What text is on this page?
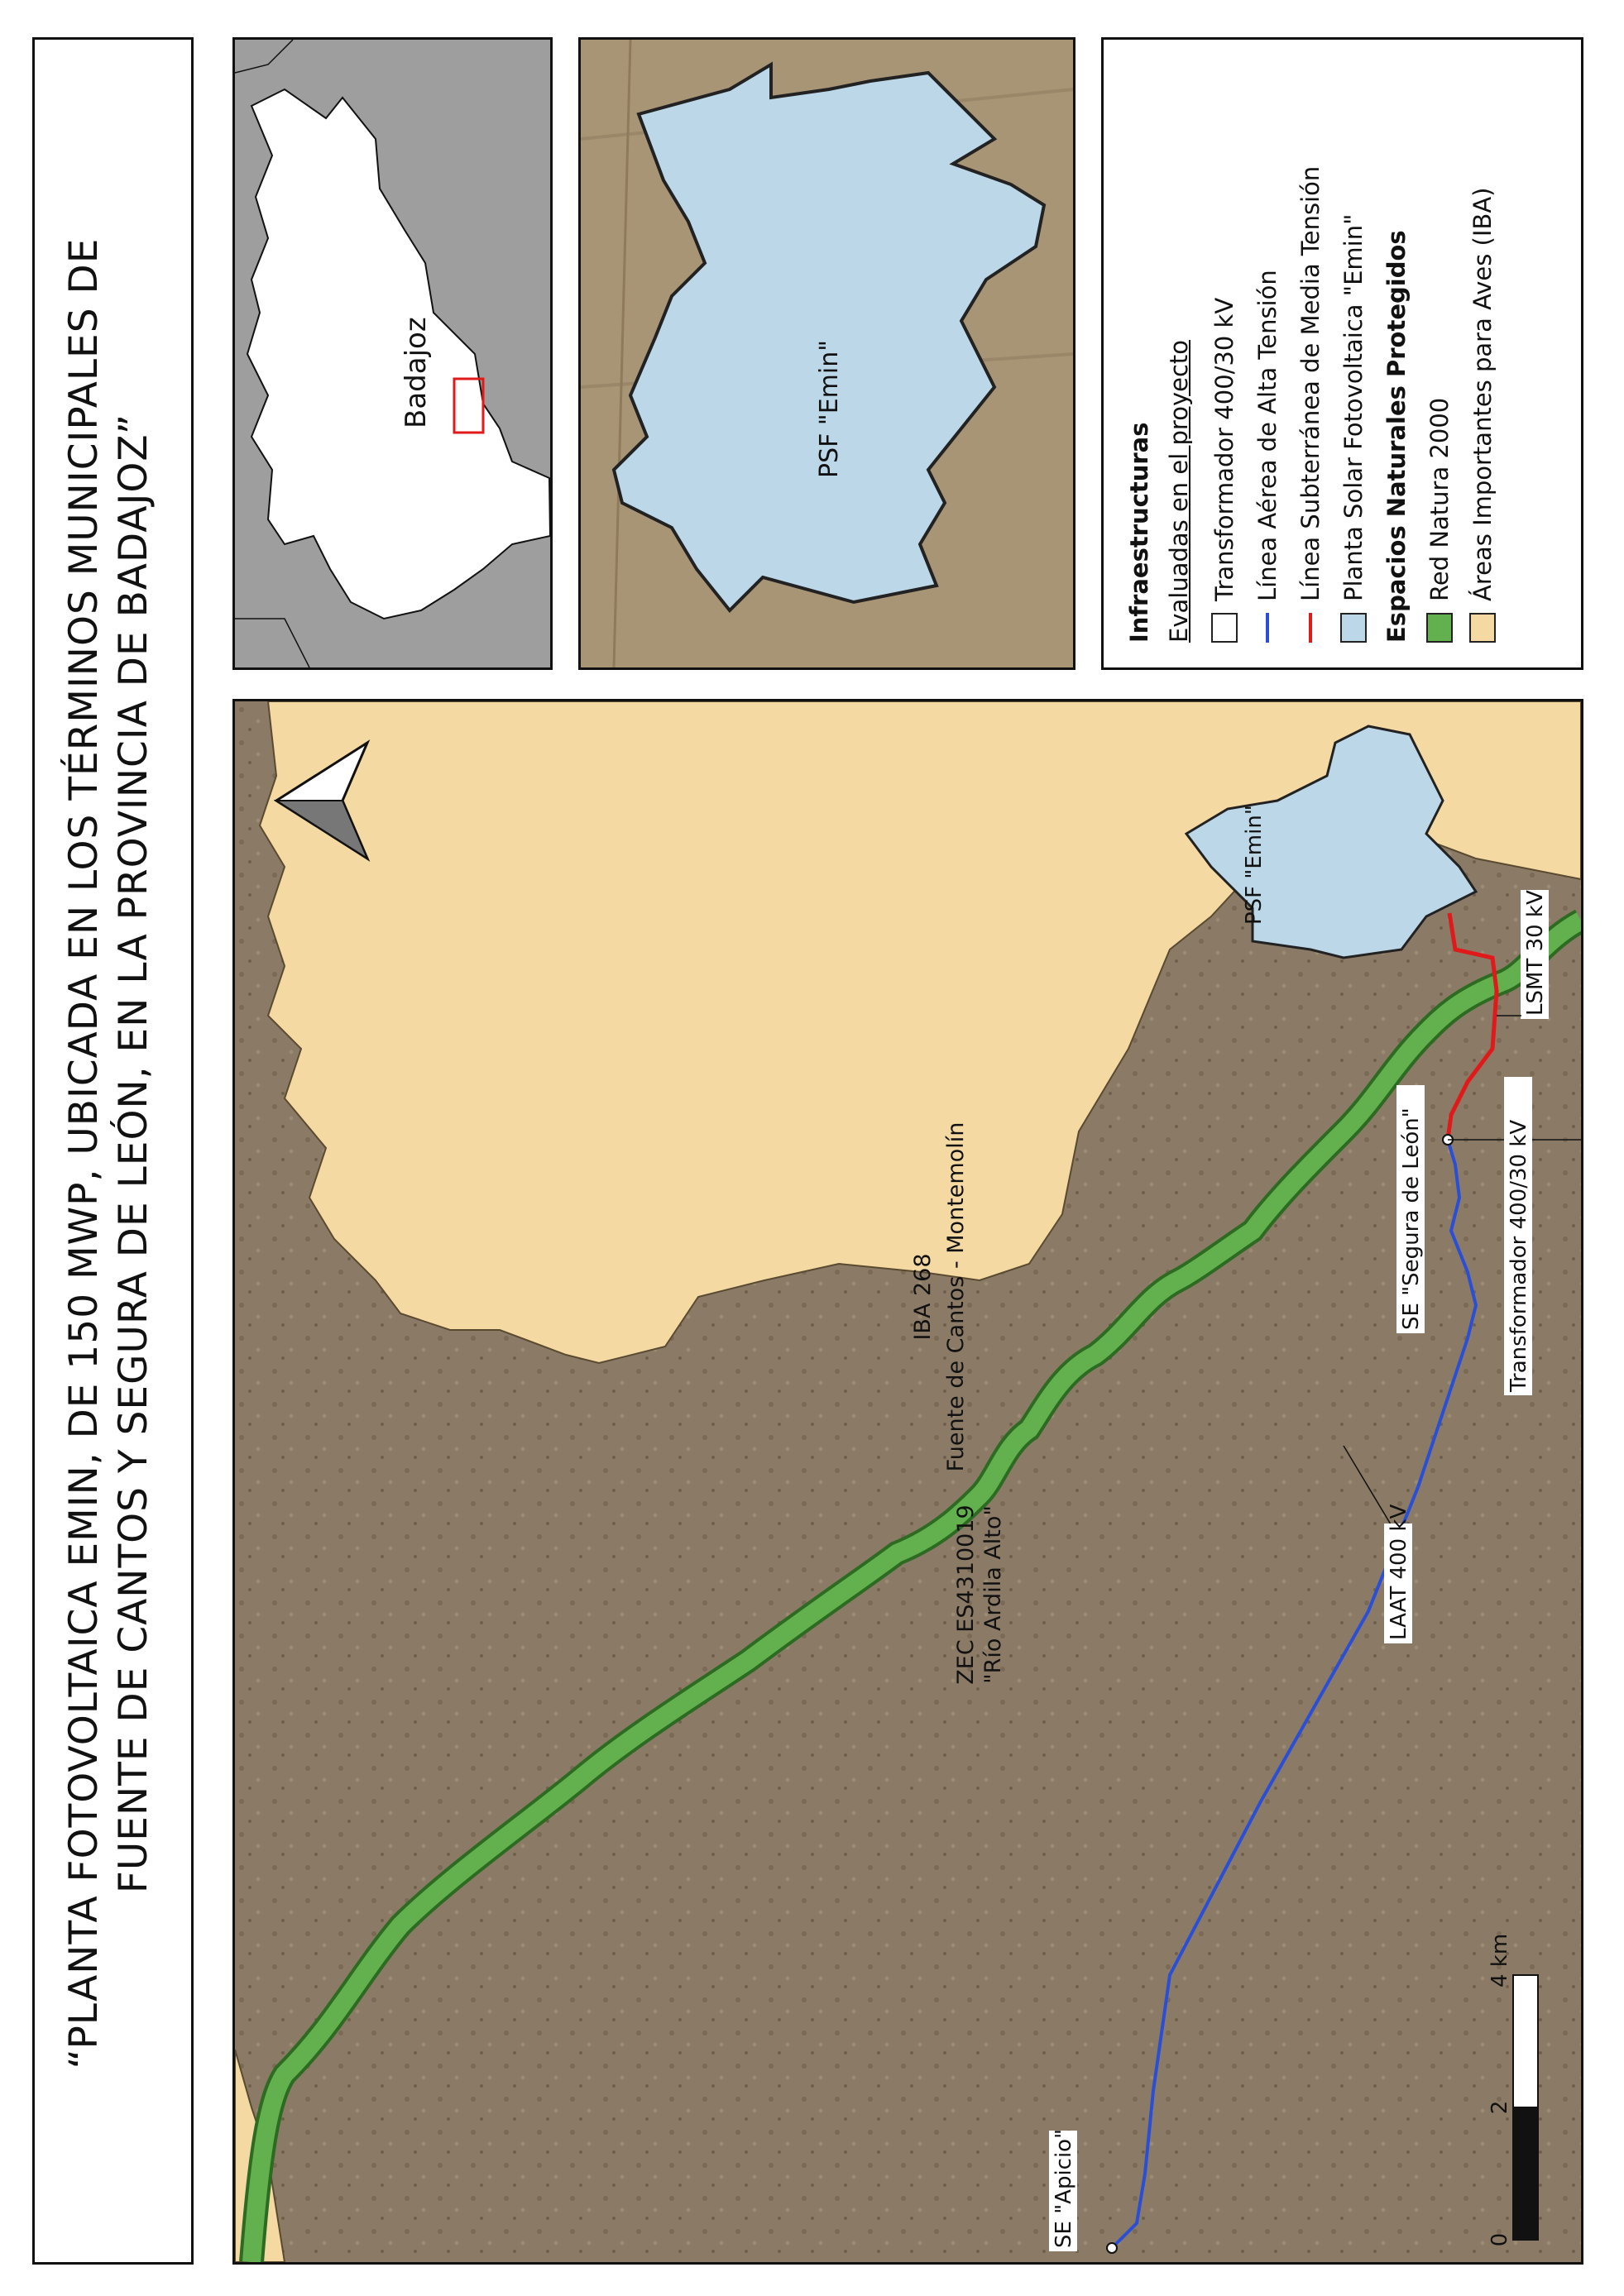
“PLANTA FOTOVOLTAICA EMIN, DE 150 MWP, UBICADA EN LOS TÉRMINOS MUNICIPALES DE FUENTE DE CANTOS Y SEGURA DE LEÓN, EN LA PROVINCIA DE BADAJOZ”
Badajoz	PSF "Emin"
Infraestructuras Evaluadas en el proyecto Transformador 400/30 kV Línea Aérea de Alta Tensión Línea Subterránea de Media Tensión Planta Solar Fotovoltaica "Emin" Espacios Naturales Protegidos Red Natura 2000 Áreas Importantes para Aves (IBA)
PSF "Emin"
IBA 268 Fuente de Cantos - Montemolín
ZEC ES4310019 "Río Ardila Alto"
LSMT 30 kV
SE "Segura de León"	Transformador 400/30 kV
LAAT 400 kV
SE "Apicio"	0
2
4 km
